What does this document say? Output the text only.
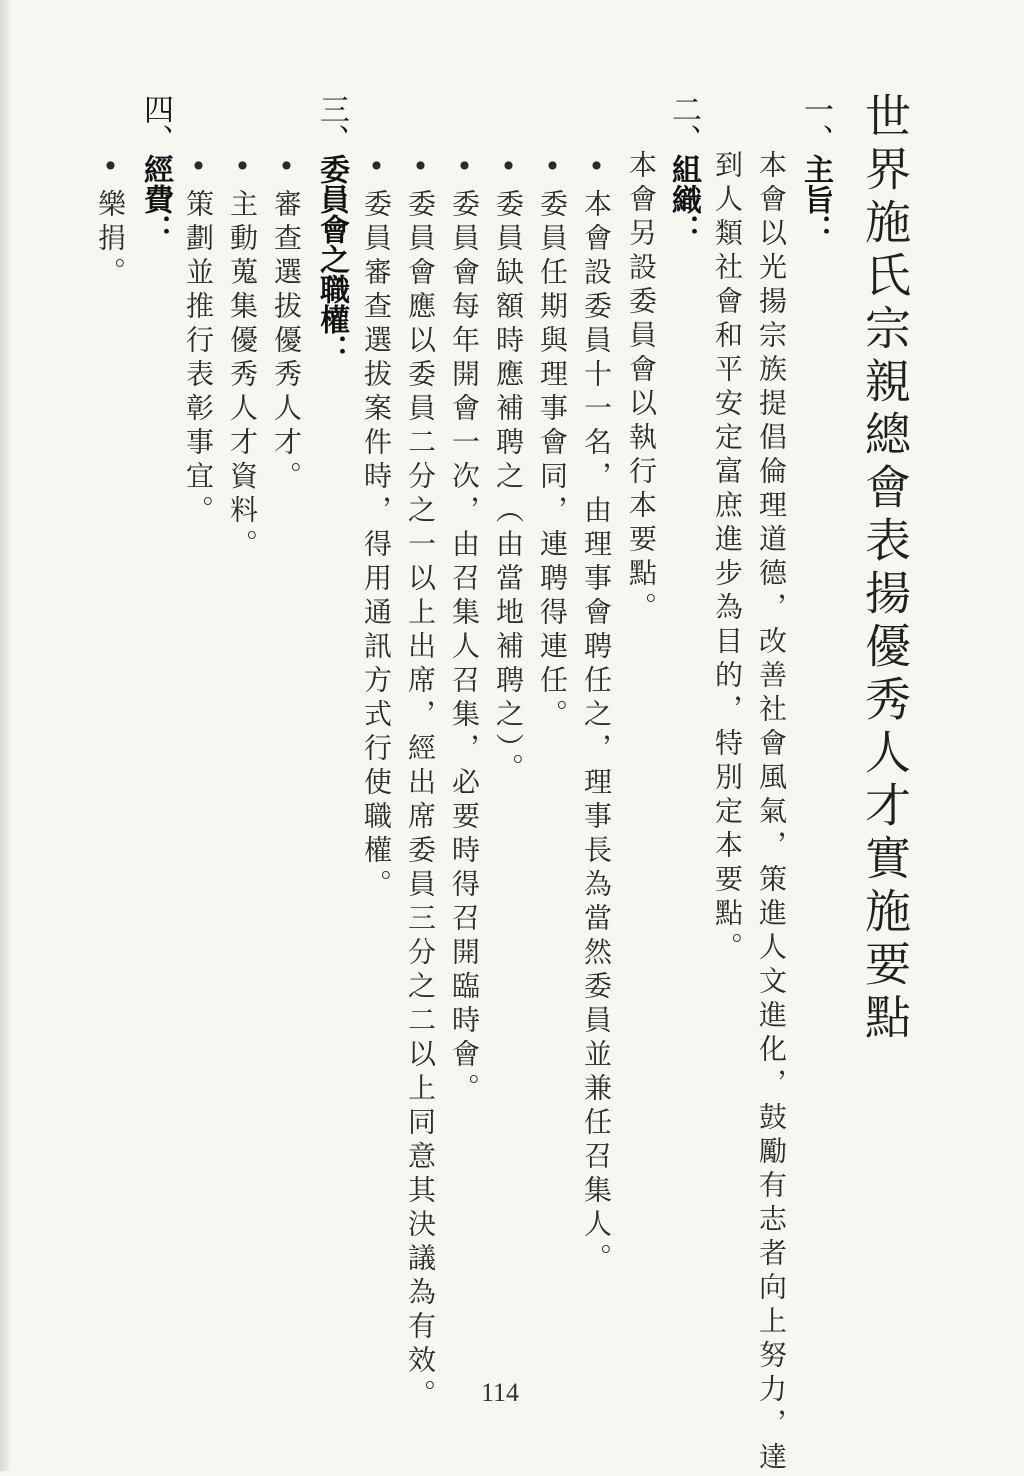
世界施氏宗親總會表揚優秀人才實施要點
一、主旨：
本會以光揚宗族提倡倫理道德，改善社會風氣，策進人文進化，鼓勵有志者向上努力，達
到人類社會和平安定富庶進步為目的，特別定本要點。
二、組織：
本會另設委員會以執行本要點。
•本會設委員十一名，由理事會聘任之，理事長為當然委員並兼任召集人。
•委員任期與理事會同，連聘得連任。
•委員缺額時應補聘之（由當地補聘之）。
•委員會每年開會一次，由召集人召集，必要時得召開臨時會。
•委員會應以委員二分之一以上出席，經出席委員三分之二以上同意其決議為有效。
•委員審查選拔案件時，得用通訊方式行使職權。
三、委員會之職權：
•審查選拔優秀人才。
•主動蒐集優秀人才資料。
•策劃並推行表彰事宜。
四、經費：
•樂捐。
114
